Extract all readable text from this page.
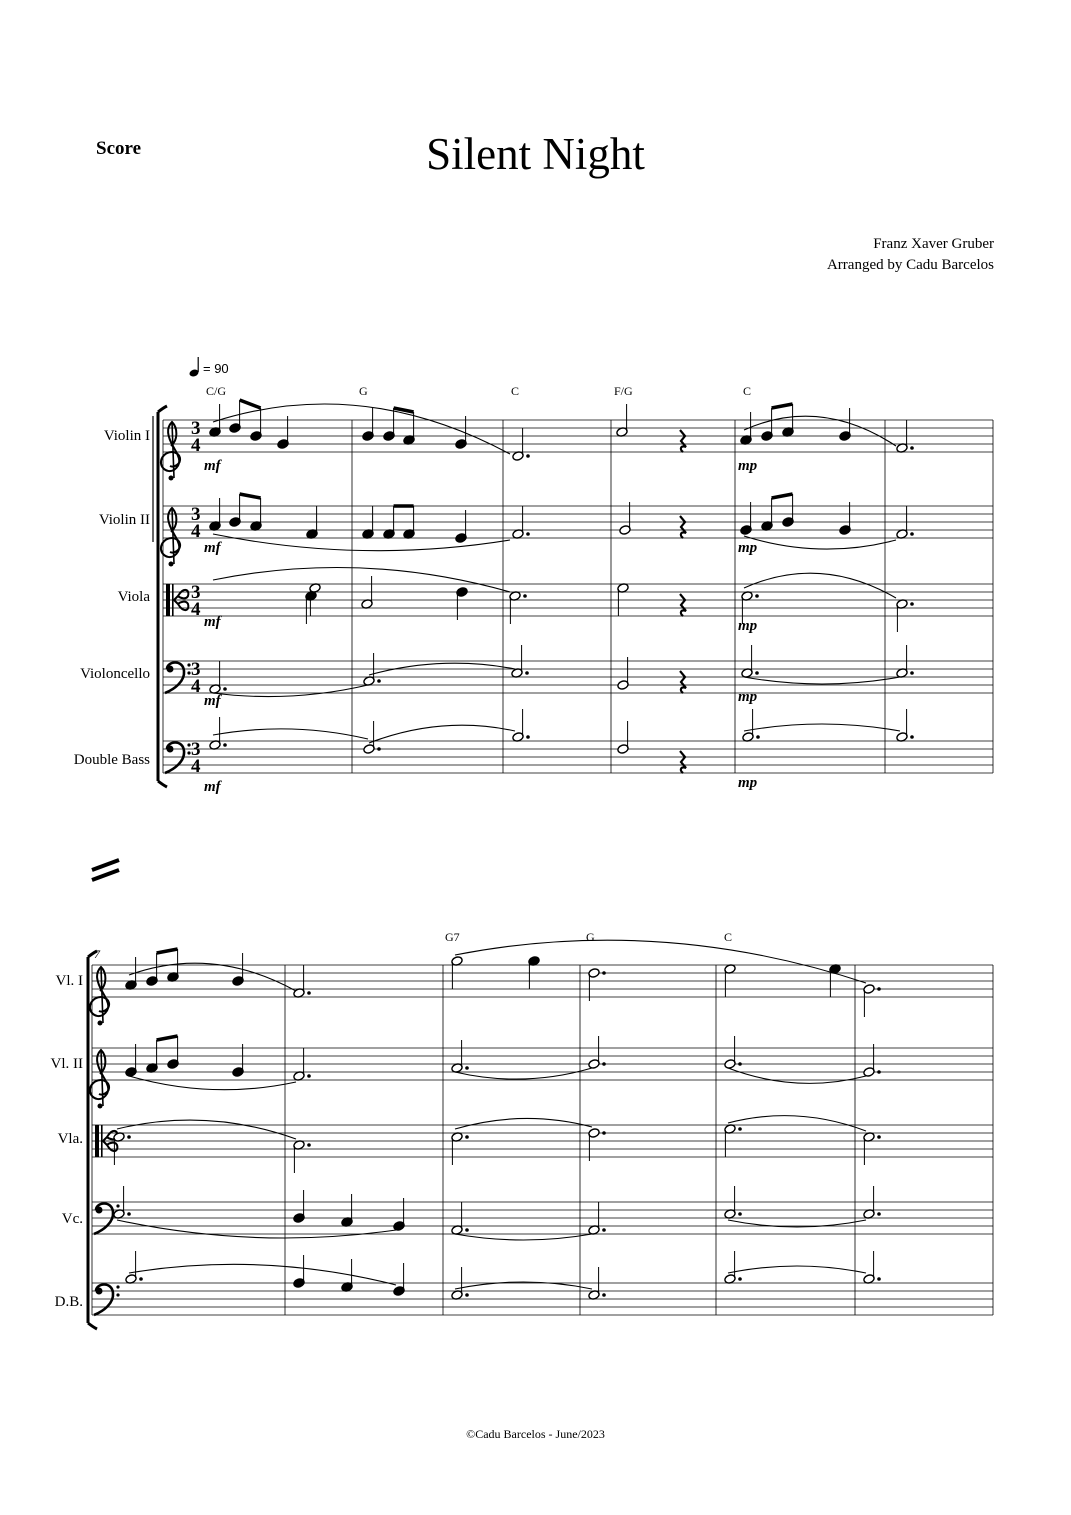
Score	Silent Night
Franz Xaver Gruber
Arranged by Cadu Barcelos
= 90
Violin I
Violin II
Viola
Violoncello
Double Bass
C/G	G	C	F/G	C
Vl. I
Vl. II
Vla.
Vc.
D.B.
7
G7	G	C
©Cadu Barcelos - June/2023
3
4
3
4
3
4
3
4
3
4
mf	mp
mf	mp
mf	mp
mf	mp
mf	mp
